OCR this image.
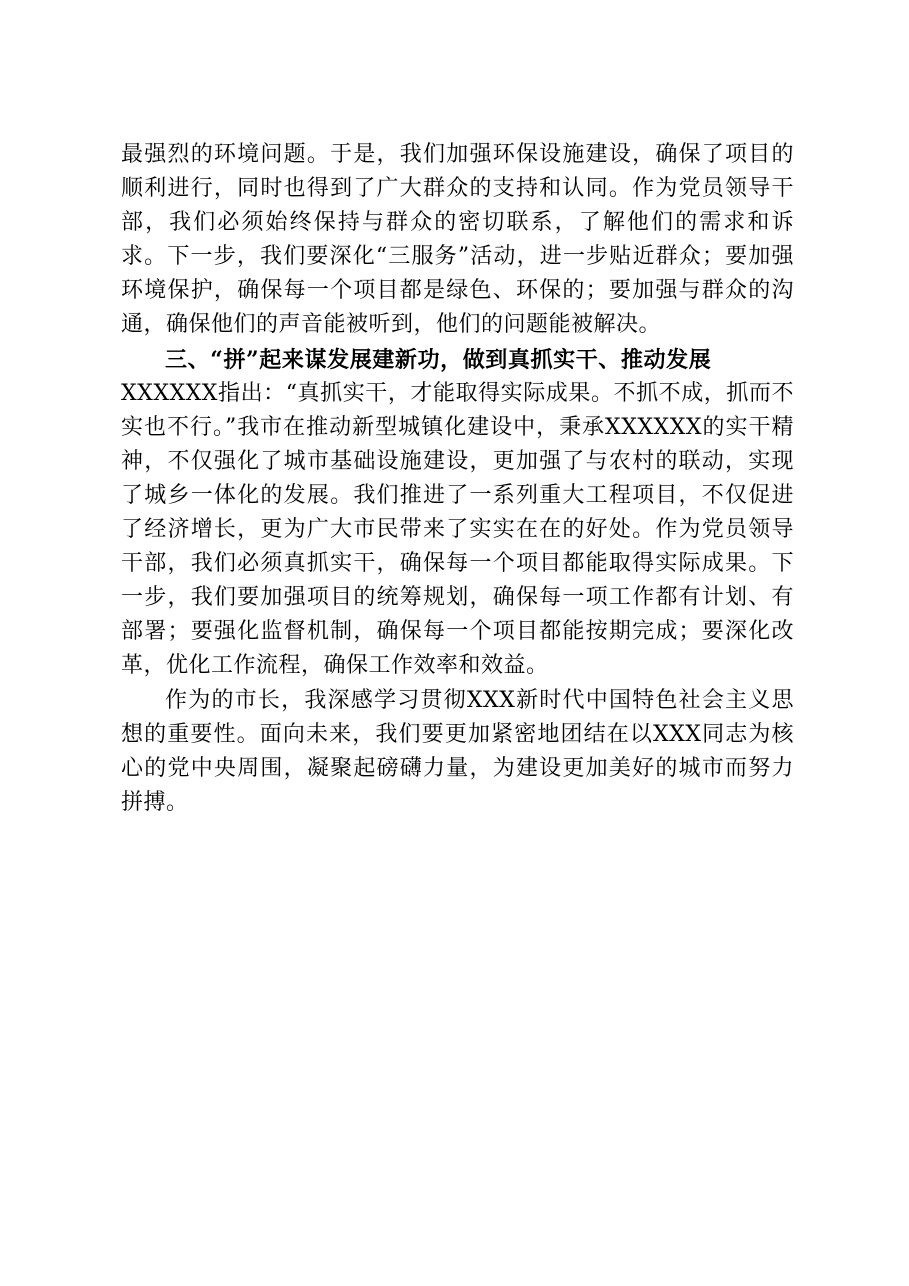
最强烈的环境问题。于是，我们加强环保设施建设，确保了项目的顺利进行，同时也得到了广大群众的支持和认同。作为党员领导干部，我们必须始终保持与群众的密切联系，了解他们的需求和诉求。下一步，我们要深化“三服务”活动，进一步贴近群众；要加强环境保护，确保每一个项目都是绿色、环保的；要加强与群众的沟通，确保他们的声音能被听到，他们的问题能被解决。

三、“拼”起来谋发展建新功，做到真抓实干、推动发展

XXXXXX指出：“真抓实干，才能取得实际成果。不抓不成，抓而不实也不行。”我市在推动新型城镇化建设中，秉承XXXXXX的实干精神，不仅强化了城市基础设施建设，更加强了与农村的联动，实现了城乡一体化的发展。我们推进了一系列重大工程项目，不仅促进了经济增长，更为广大市民带来了实实在在的好处。作为党员领导干部，我们必须真抓实干，确保每一个项目都能取得实际成果。下一步，我们要加强项目的统筹规划，确保每一项工作都有计划、有部署；要强化监督机制，确保每一个项目都能按期完成；要深化改革，优化工作流程，确保工作效率和效益。

作为的市长，我深感学习贯彻XXX新时代中国特色社会主义思想的重要性。面向未来，我们要更加紧密地团结在以XXX同志为核心的党中央周围，凝聚起磅礴力量，为建设更加美好的城市而努力拼搏。
